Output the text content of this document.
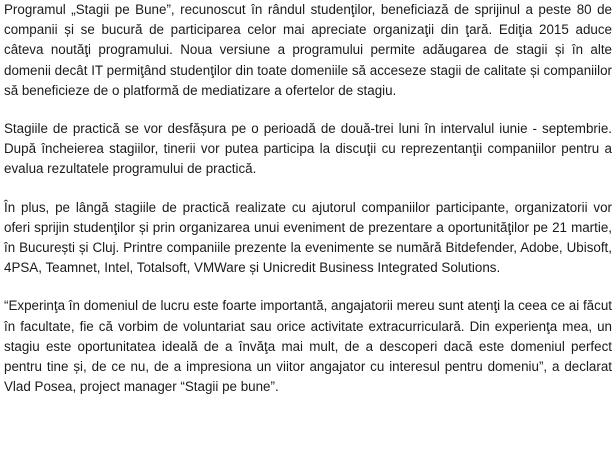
Programul „Stagii pe Bune”, recunoscut în rândul studenţilor, beneficiază de sprijinul a peste 80 de companii și se bucură de participarea celor mai apreciate organizaţii din ţară. Ediţia 2015 aduce câteva noutăţi programului. Noua versiune a programului permite adăugarea de stagii și în alte domenii decât IT permiţând studenţilor din toate domeniile să acceseze stagii de calitate și companiilor să beneficieze de o platformă de mediatizare a ofertelor de stagiu.

Stagiile de practică se vor desfășura pe o perioadă de două-trei luni în intervalul iunie - septembrie. După încheierea stagiilor, tinerii vor putea participa la discuţii cu reprezentanţii companiilor pentru a evalua rezultatele programului de practică.

În plus, pe lângă stagiile de practică realizate cu ajutorul companiilor participante, organizatorii vor oferi sprijin studenţilor și prin organizarea unui eveniment de prezentare a oportunităţilor pe 21 martie, în București și Cluj. Printre companiile prezente la evenimente se numără Bitdefender, Adobe, Ubisoft, 4PSA, Teamnet, Intel, Totalsoft, VMWare și Unicredit Business Integrated Solutions.

“Experinţa în domeniul de lucru este foarte importantă, angajatorii mereu sunt atenţi la ceea ce ai făcut în facultate, fie că vorbim de voluntariat sau orice activitate extracurriculară. Din experienţa mea, un stagiu este oportunitatea ideală de a învăţa mai mult, de a descoperi dacă este domeniul perfect pentru tine și, de ce nu, de a impresiona un viitor angajator cu interesul pentru domeniu”, a declarat Vlad Posea, project manager “Stagii pe bune”.
